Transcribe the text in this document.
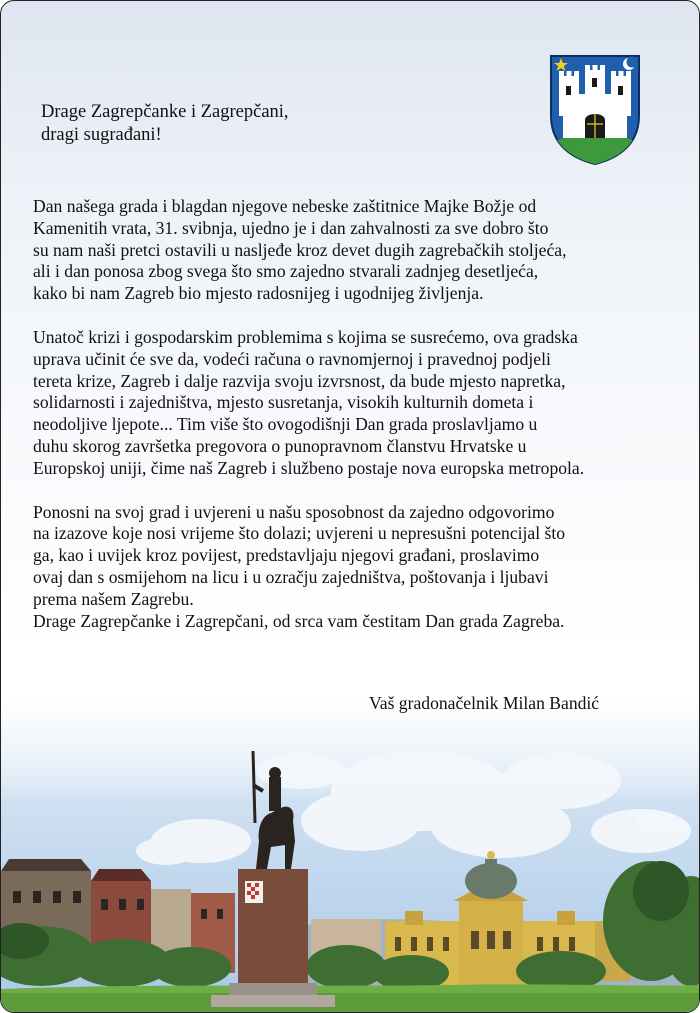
Drage Zagrepčanke i Zagrepčani,
dragi sugrađani!

Dan našega grada i blagdan njegove nebeske zaštitnice Majke Božje od
Kamenitih vrata, 31. svibnja, ujedno je i dan zahvalnosti za sve dobro što
su nam naši pretci ostavili u nasljeđe kroz devet dugih zagrebačkih stoljeća,
ali i dan ponosa zbog svega što smo zajedno stvarali zadnjeg desetljeća,
kako bi nam Zagreb bio mjesto radosnijeg i ugodnijeg življenja.

Unatoč krizi i gospodarskim problemima s kojima se susrećemo, ova gradska
uprava učinit će sve da, vodeći računa o ravnomjernoj i pravednoj podjeli
tereta krize, Zagreb i dalje razvija svoju izvrsnost, da bude mjesto napretka,
solidarnosti i zajedništva, mjesto susretanja, visokih kulturnih dometa i
neodoljive ljepote... Tim više što ovogodišnji Dan grada proslavljamo u
duhu skorog završetka pregovora o punopravnom članstvu Hrvatske u
Europskoj uniji, čime naš Zagreb i službeno postaje nova europska metropola.

Ponosni na svoj grad i uvjereni u našu sposobnost da zajedno odgovorimo
na izazove koje nosi vrijeme što dolazi; uvjereni u nepresušni potencijal što
ga, kao i uvijek kroz povijest, predstavljaju njegovi građani, proslavimo
ovaj dan s osmijehom na licu i u ozračju zajedništva, poštovanja i ljubavi
prema našem Zagrebu.

Drage Zagrepčanke i Zagrepčani, od srca vam čestitam Dan grada Zagreba.
Vaš gradonačelnik Milan Bandić
